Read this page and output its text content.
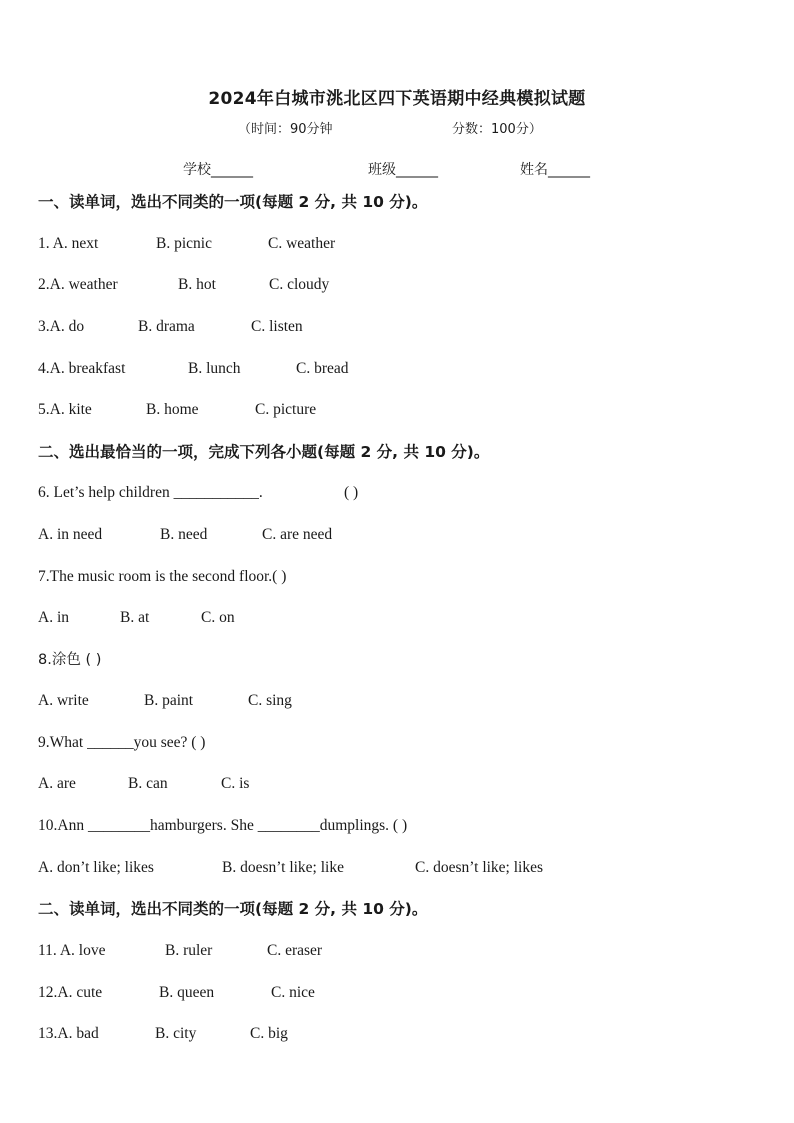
2024年白城市洮北区四下英语期中经典模拟试题
（时间：90分钟	分数：100分）
学校______	班级______	姓名______
一、读单词，选出不同类的一项(每题 2 分, 共 10 分)。
1. A. next	B. picnic	C. weather
2.A. weather	B. hot	C. cloudy
3.A. do	B. drama	C. listen
4.A. breakfast	B. lunch	C. bread
5.A. kite	B. home	C. picture
二、选出最恰当的一项，完成下列各小题(每题 2 分, 共 10 分)。
6. Let’s help children ___________.	( )
A. in need	B. need	C. are need
7.The music room is the second floor.( )
A. in	B. at	C. on
8.涂色 ( )
A. write	B. paint	C. sing
9.What ______you see? ( )
A. are	B. can	C. is
10.Ann ________hamburgers. She ________dumplings. ( )
A. don’t like; likes	B. doesn’t like; like	C. doesn’t like; likes
二、读单词，选出不同类的一项(每题 2 分, 共 10 分)。
11. A. love	B. ruler	C. eraser
12.A. cute	B. queen	C. nice
13.A. bad	B. city	C. big
